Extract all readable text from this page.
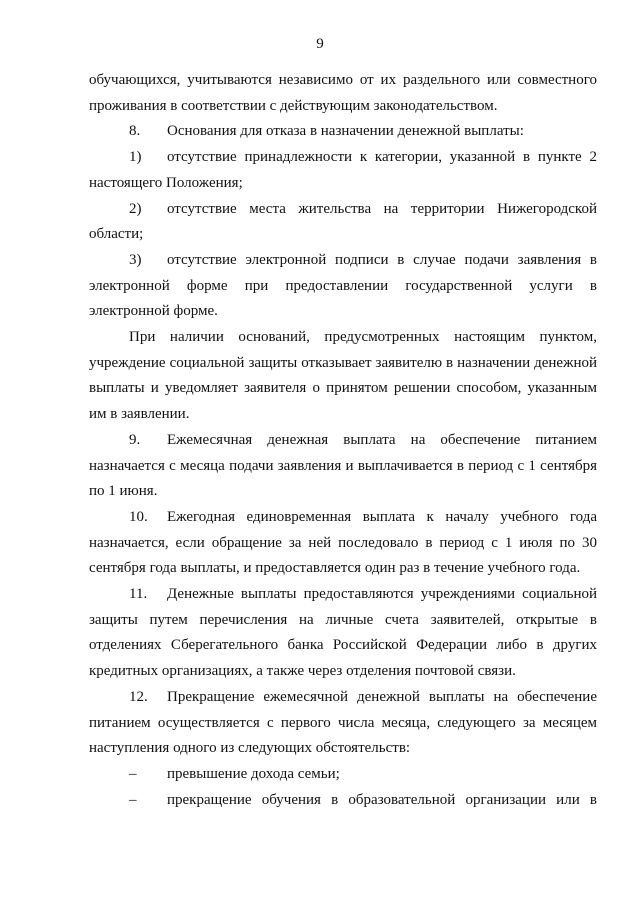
9

обучающихся, учитываются независимо от их раздельного или совместного проживания в соответствии с действующим законодательством.

8. Основания для отказа в назначении денежной выплаты:

1) отсутствие принадлежности к категории, указанной в пункте 2 настоящего Положения;

2) отсутствие места жительства на территории Нижегородской области;

3) отсутствие электронной подписи в случае подачи заявления в электронной форме при предоставлении государственной услуги в электронной форме.

При наличии оснований, предусмотренных настоящим пунктом, учреждение социальной защиты отказывает заявителю в назначении денежной выплаты и уведомляет заявителя о принятом решении способом, указанным им в заявлении.

9. Ежемесячная денежная выплата на обеспечение питанием назначается с месяца подачи заявления и выплачивается в период с 1 сентября по 1 июня.

10. Ежегодная единовременная выплата к началу учебного года назначается, если обращение за ней последовало в период с 1 июля по 30 сентября года выплаты, и предоставляется один раз в течение учебного года.

11. Денежные выплаты предоставляются учреждениями социальной защиты путем перечисления на личные счета заявителей, открытые в отделениях Сберегательного банка Российской Федерации либо в других кредитных организациях, а также через отделения почтовой связи.

12. Прекращение ежемесячной денежной выплаты на обеспечение питанием осуществляется с первого числа месяца, следующего за месяцем наступления одного из следующих обстоятельств:

– превышение дохода семьи;

– прекращение обучения в образовательной организации или в
